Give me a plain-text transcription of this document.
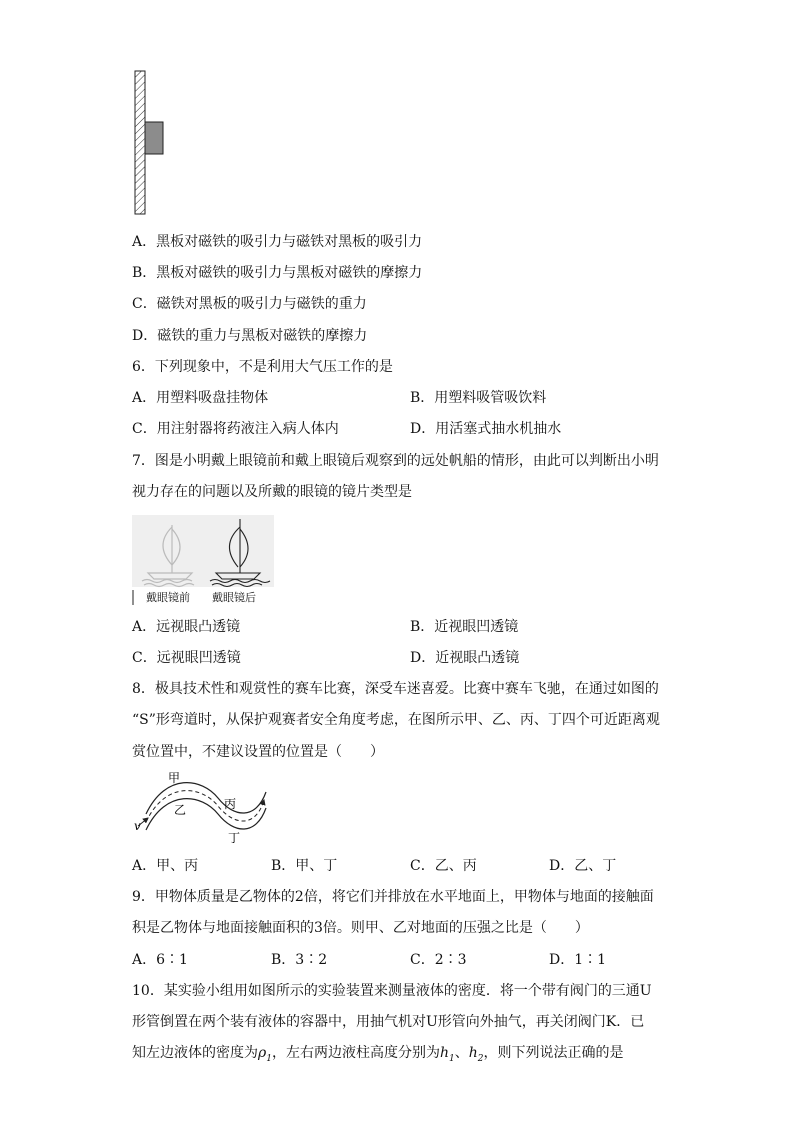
A．黑板对磁铁的吸引力与磁铁对黑板的吸引力
B．黑板对磁铁的吸引力与黑板对磁铁的摩擦力
C．磁铁对黑板的吸引力与磁铁的重力
D．磁铁的重力与黑板对磁铁的摩擦力
6．下列现象中，不是利用大气压工作的是
A．用塑料吸盘挂物体	B．用塑料吸管吸饮料
C．用注射器将药液注入病人体内	D．用活塞式抽水机抽水
7．图是小明戴上眼镜前和戴上眼镜后观察到的远处帆船的情形，由此可以判断出小明
视力存在的问题以及所戴的眼镜的镜片类型是
戴眼镜前 戴眼镜后
A．远视眼凸透镜	B．近视眼凹透镜
C．远视眼凹透镜	D．近视眼凸透镜
8．极具技术性和观赏性的赛车比赛，深受车迷喜爱。比赛中赛车飞驰，在通过如图的
“S”形弯道时，从保护观赛者安全角度考虑，在图所示甲、乙、丙、丁四个可近距离观
赏位置中，不建议设置的位置是（　　）
甲
乙	丙
丁
v
A．甲、丙	B．甲、丁	C．乙、丙	D．乙、丁
9．甲物体质量是乙物体的2倍，将它们并排放在水平地面上，甲物体与地面的接触面
积是乙物体与地面接触面积的3倍。则甲、乙对地面的压强之比是（　　）
A．6∶1	B．3∶2	C．2∶3	D．1∶1
10．某实验小组用如图所示的实验装置来测量液体的密度．将一个带有阀门的三通U
形管倒置在两个装有液体的容器中，用抽气机对U形管向外抽气，再关闭阀门K．已
知左边液体的密度为$\rho_1$，左右两边液柱高度分别为$h_1$、$h_2$，则下列说法正确的是
